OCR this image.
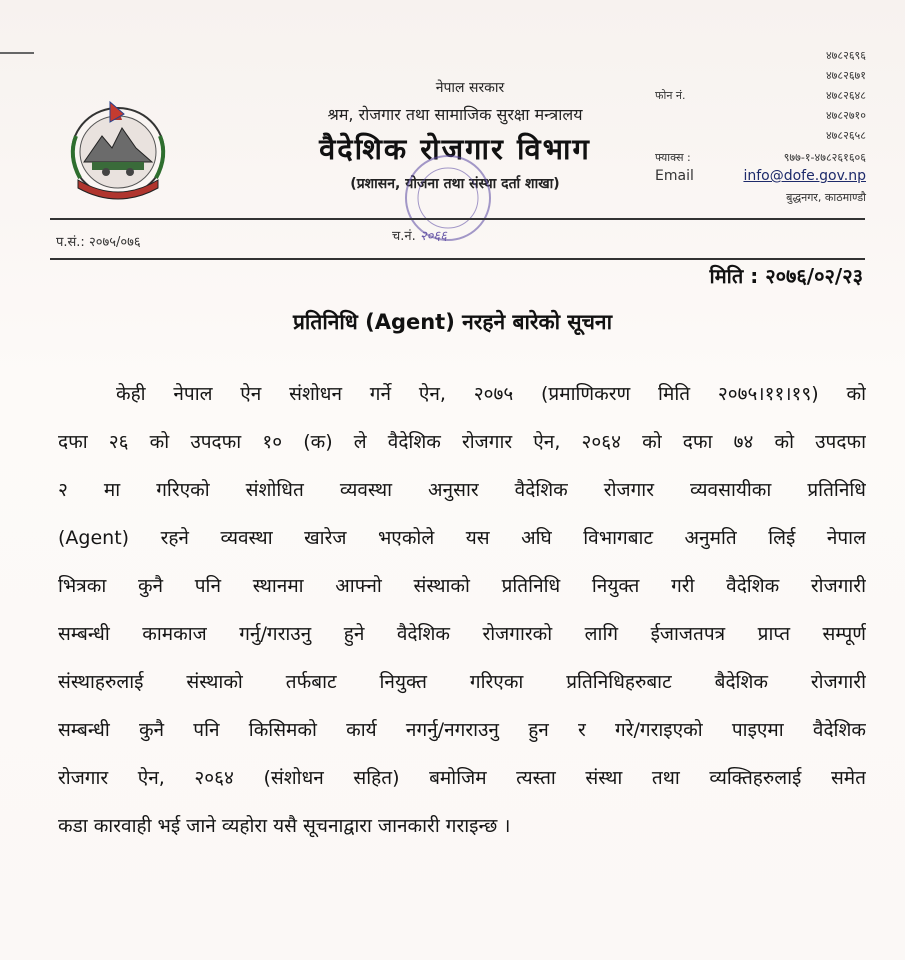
नेपाल सरकार
श्रम, रोजगार तथा सामाजिक सुरक्षा मन्त्रालय
वैदेशिक रोजगार विभाग
(प्रशासन, योजना तथा संस्था दर्ता शाखा)
४७८२६९६
४७८२६७१
फोन नं.	४७८२६४८
४७८२७१०
४७८२६५८
फ्याक्स :	९७७-१-४७८२६१६०६
Email	info@dofe.gov.np
बुद्धनगर, काठमाण्डौ
प.सं.: २०७५/०७६	च.नं. २०६६
मिति : २०७६/०२/२३
प्रतिनिधि (Agent) नरहने बारेको सूचना
केही नेपाल ऐन संशोधन गर्ने ऐन, २०७५ (प्रमाणिकरण मिति २०७५।११।१९) को
दफा २६ को उपदफा १० (क) ले वैदेशिक रोजगार ऐन, २०६४ को दफा ७४ को उपदफा
२ मा गरिएको संशोधित व्यवस्था अनुसार वैदेशिक रोजगार व्यवसायीका प्रतिनिधि
(Agent) रहने व्यवस्था खारेज भएकोले यस अघि विभागबाट अनुमति लिई नेपाल
भित्रका कुनै पनि स्थानमा आफ्नो संस्थाको प्रतिनिधि नियुक्त गरी वैदेशिक रोजगारी
सम्बन्धी कामकाज गर्नु/गराउनु हुने वैदेशिक रोजगारको लागि ईजाजतपत्र प्राप्त सम्पूर्ण
संस्थाहरुलाई संस्थाको तर्फबाट नियुक्त गरिएका प्रतिनिधिहरुबाट बैदेशिक रोजगारी
सम्बन्धी कुनै पनि किसिमको कार्य नगर्नु/नगराउनु हुन र गरे/गराइएको पाइएमा वैदेशिक
रोजगार ऐन, २०६४ (संशोधन सहित) बमोजिम त्यस्ता संस्था तथा व्यक्तिहरुलाई समेत
कडा कारवाही भई जाने व्यहोरा यसै सूचनाद्वारा जानकारी गराइन्छ ।
